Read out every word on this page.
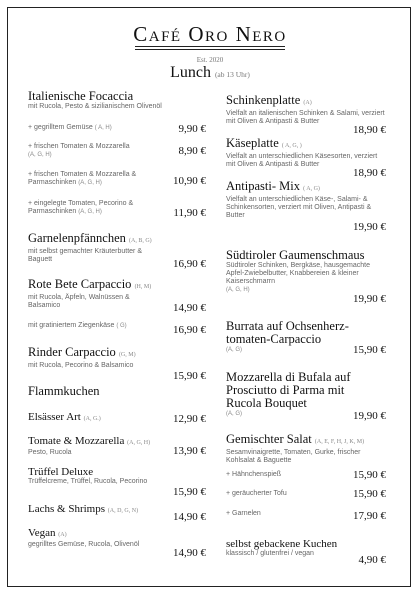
Café Oro Nero
Est. 2020
Lunch (ab 13 Uhr)
Italienische Focaccia
mit Rucola, Pesto & sizilianischem Olivenöl
+ gegrilltem Gemüse ( A, H)	9,90 €
+ frischen Tomaten & Mozzarella
(A, G, H)	8,90 €
+ frischen Tomaten & Mozzarella & Parmaschinken (A, G, H)	10,90 €
+ eingelegte Tomaten, Pecorino & Parmaschinken (A, G, H)	11,90 €
Garnelenpfännchen (A, B, G)
mit selbst gemachter Kräuterbutter & Baguett	16,90 €
Rote Bete Carpaccio (H, M)
mit Rucola, Äpfeln, Walnüssen & Balsamico	14,90 €
mit gratiniertem Ziegenkäse ( G)	16,90 €
Rinder Carpaccio (G, M)
mit Rucola, Pecorino & Balsamico
15,90 €
Flammkuchen
Elsässer Art (A, G.)	12,90 €
Tomate & Mozzarella (A, G, H)
Pesto, Rucola	13,90 €
Trüffel Deluxe
Trüffelcreme, Trüffel, Rucola, Pecorino
15,90 €
Lachs & Shrimps (A, D, G, N)	14,90 €
Vegan (A)
gegrilltes Gemüse, Rucola, Olivenöl
14,90 €
Schinkenplatte (A)
Vielfalt an italienischen Schinken & Salami, verziert mit Oliven & Antipasti & Butter
18,90 €
Käseplatte ( A, G, )
Vielfalt an unterschiedlichen Käsesorten, verziert mit Oliven & Antipasti & Butter
18,90 €
Antipasti- Mix ( A, G)
Vielfalt an unterschiedlichen Käse-, Salami- & Schinkensorten, verziert mit Oliven, Antipasti & Butter
19,90 €
Südtiroler Gaumenschmaus
Südtiroler Schinken, Bergkäse, hausgemachte Apfel-Zwiebelbutter, Knabbereien & kleiner Kaiserschmarrn
(A, G, H)
19,90 €
Burrata auf Ochsenherz-tomaten-Carpaccio
(A, G)	15,90 €
Mozzarella di Bufala auf Prosciutto di Parma mit Rucola Bouquet
(A, G)	19,90 €
Gemischter Salat (A, E, F, H, J, K, M)
Sesamvinaigrette, Tomaten, Gurke, frischer Kohlsalat & Baguette
+ Hähnchenspieß	15,90 €
+ geräucherter Tofu	15,90 €
+ Garnelen	17,90 €
selbst gebackene Kuchen
klassisch / glutenfrei / vegan
4,90 €
